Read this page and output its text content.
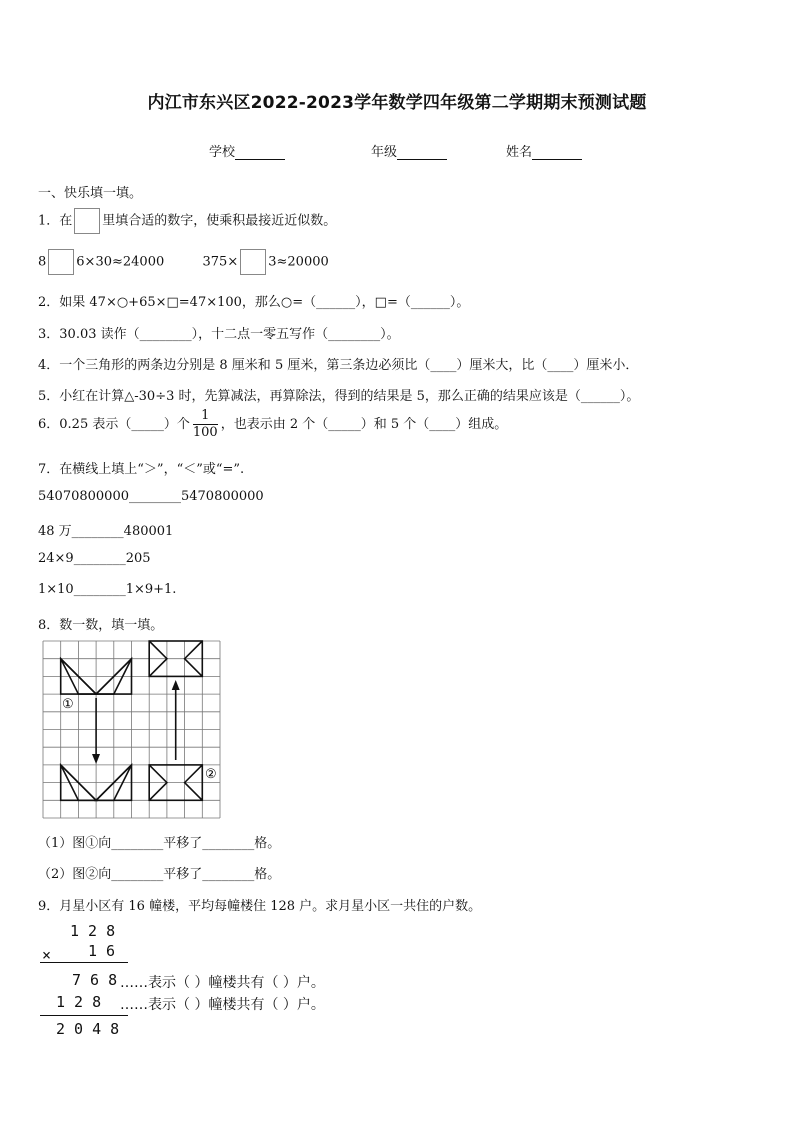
内江市东兴区2022-2023学年数学四年级第二学期期末预测试题
学校	年级	姓名
一、快乐填一填。
1．在 里填合适的数字，使乘积最接近近似数。
8 6×30≈24000	375× 3≈20000
2．如果 47×○+65×□=47×100，那么○=（______），□=（______）。
3．30.03 读作（________），十二点一零五写作（________）。
4．一个三角形的两条边分别是 8 厘米和 5 厘米，第三条边必须比（____）厘米大，比（____）厘米小．
5．小红在计算△-30÷3 时，先算减法，再算除法，得到的结果是 5，那么正确的结果应该是（______）。
6．0.25 表示（_____）个 $\frac{1}{100}$ ，也表示由 2 个（_____）和 5 个（____）组成。
7．在横线上填上“＞”，“＜”或“=”.
54070800000________5470800000
48 万________480001
24×9________205
1×10________1×9+1.
8．数一数，填一填。
①
②
（1）图①向________平移了________格。
（2）图②向________平移了________格。
9．月星小区有 16 幢楼，平均每幢楼住 128 户。求月星小区一共住的户数。
1 2 8
× 1 6
7 6 8 ……表示（ ）幢楼共有（ ）户。
1 2 8 ……表示（ ）幢楼共有（ ）户。
2 0 4 8
